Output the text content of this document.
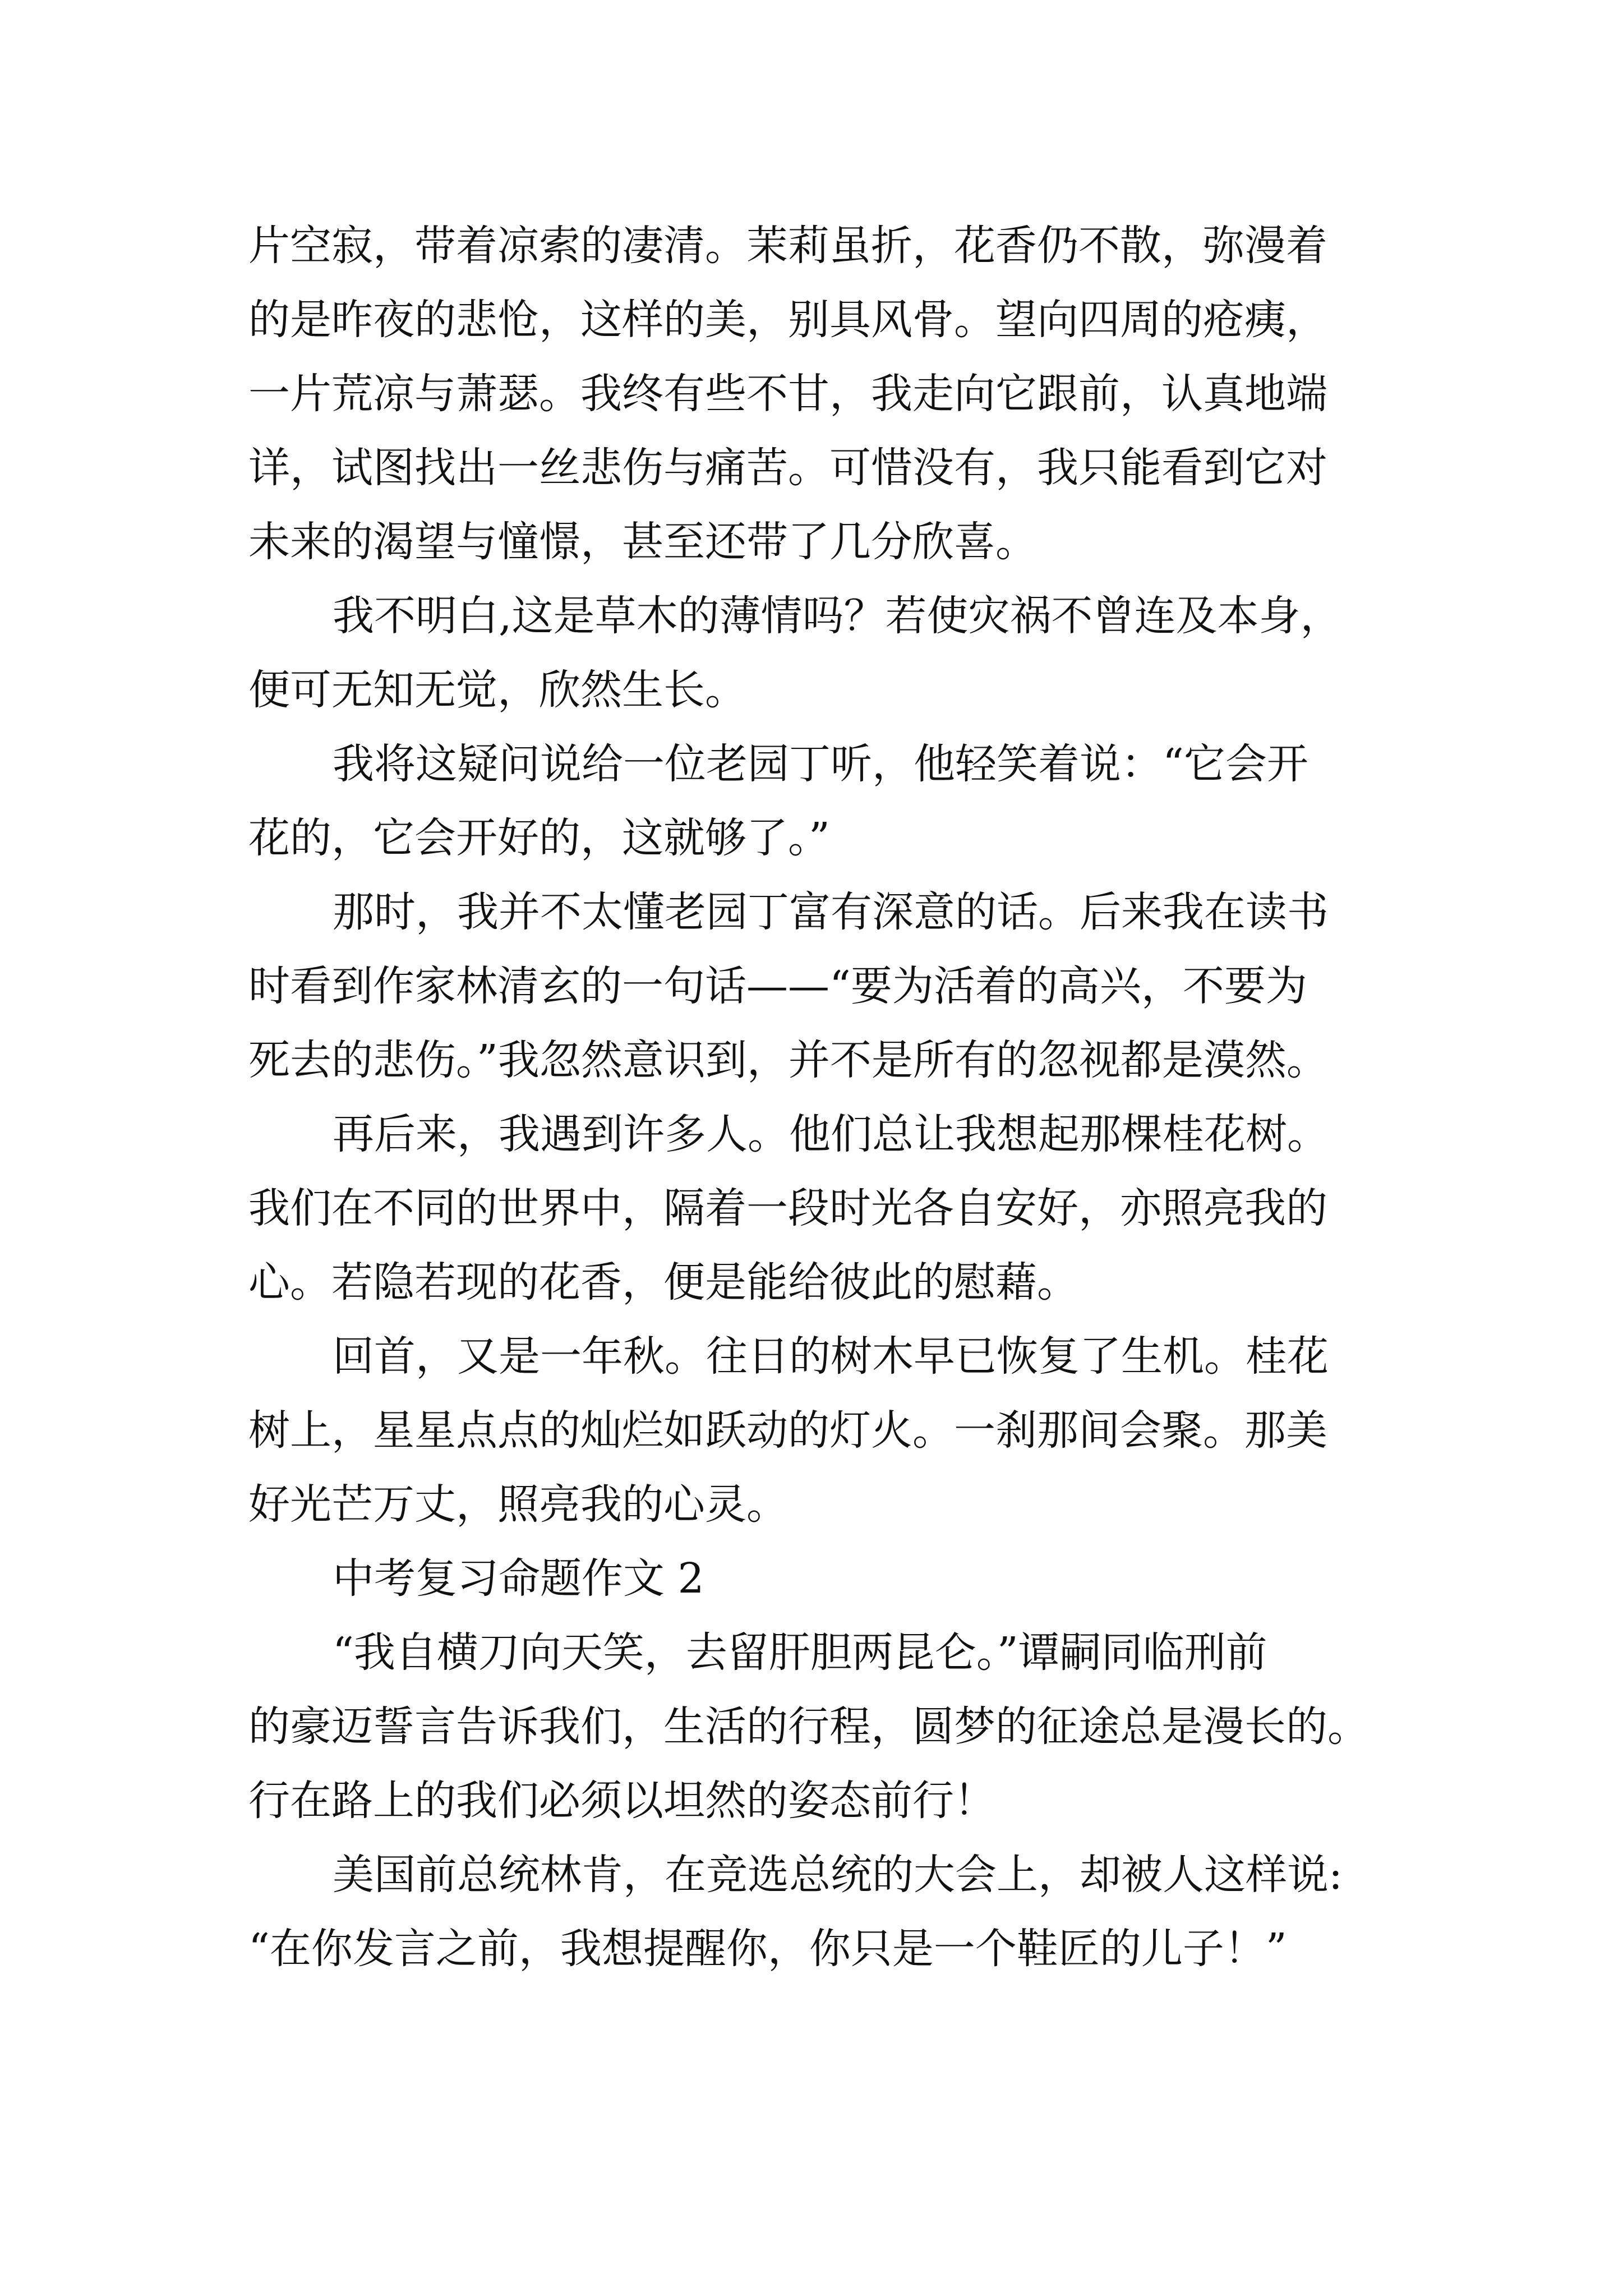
片空寂，带着凉索的凄清。茉莉虽折，花香仍不散，弥漫着
的是昨夜的悲怆，这样的美，别具风骨。望向四周的疮痍，
一片荒凉与萧瑟。我终有些不甘，我走向它跟前，认真地端
详，试图找出一丝悲伤与痛苦。可惜没有，我只能看到它对
未来的渴望与憧憬，甚至还带了几分欣喜。
我不明白,这是草木的薄情吗？若使灾祸不曾连及本身，
便可无知无觉，欣然生长。
我将这疑问说给一位老园丁听，他轻笑着说：“它会开
花的，它会开好的，这就够了。”
那时，我并不太懂老园丁富有深意的话。后来我在读书
时看到作家林清玄的一句话——“要为活着的高兴，不要为
死去的悲伤。”我忽然意识到，并不是所有的忽视都是漠然。
再后来，我遇到许多人。他们总让我想起那棵桂花树。
我们在不同的世界中，隔着一段时光各自安好，亦照亮我的
心。若隐若现的花香，便是能给彼此的慰藉。
回首，又是一年秋。往日的树木早已恢复了生机。桂花
树上，星星点点的灿烂如跃动的灯火。一刹那间会聚。那美
好光芒万丈，照亮我的心灵。
中考复习命题作文 2
“我自横刀向天笑，去留肝胆两昆仑。”谭嗣同临刑前
的豪迈誓言告诉我们，生活的行程，圆梦的征途总是漫长的。
行在路上的我们必须以坦然的姿态前行！
美国前总统林肯，在竞选总统的大会上，却被人这样说:
“在你发言之前，我想提醒你，你只是一个鞋匠的儿子！”
